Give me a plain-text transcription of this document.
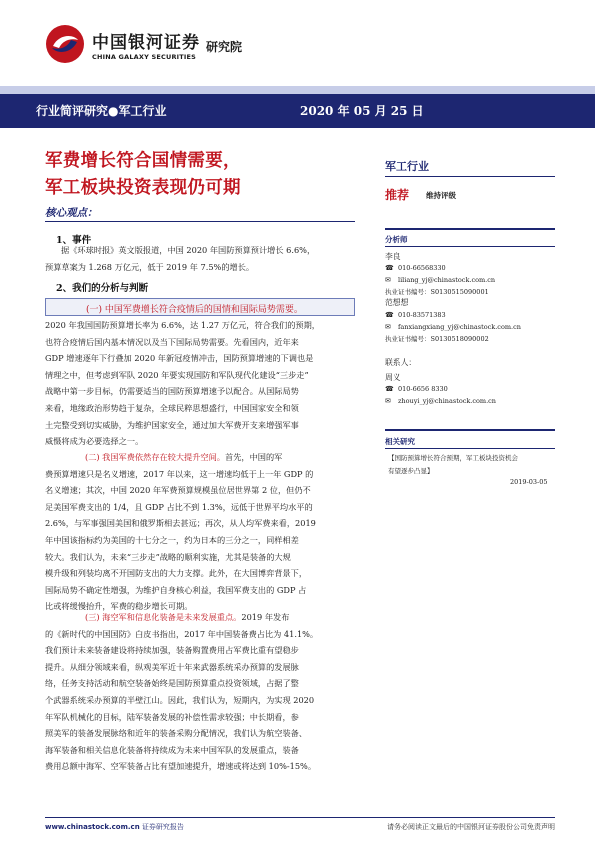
中国银河证券
CHINA GALAXY SECURITIES
研究院
行业简评研究●军工行业	2020 年 05 月 25 日
军费增长符合国情需要，
军工板块投资表现仍可期
核心观点：
1、事件

据《环球时报》英文版报道，中国 2020 年国防预算预计增长 6.6%，

预算草案为 1.268 万亿元，低于 2019 年 7.5%的增长。

2、我们的分析与判断
(一) 中国军费增长符合疫情后的国情和国际局势需要。

2020 年我国国防预算增长率为 6.6%，达 1.27 万亿元，符合我们的预期，

也符合疫情后国内基本情况以及当下国际局势需要。先看国内，近年来

GDP 增速逐年下行叠加 2020 年新冠疫情冲击，国防预算增速的下调也是

情理之中，但考虑到军队 2020 年要实现国防和军队现代化建设“三步走”

战略中第一步目标，仍需要适当的国防预算增速予以配合。从国际局势

来看，地缘政治形势趋于复杂，全球民粹思想盛行，中国国家安全和领

土完整受到切实威胁，为维护国家安全，通过加大军费开支来增强军事

威慑将成为必要选择之一。

(二) 我国军费依然存在较大提升空间。首先，中国的军

费预算增速只是名义增速，2017 年以来，这一增速均低于上一年 GDP 的

名义增速；其次，中国 2020 年军费预算规模虽位居世界第 2 位，但仍不

足美国军费支出的 1/4，且 GDP 占比不到 1.3%，远低于世界平均水平的

2.6%，与军事强国美国和俄罗斯相去甚远；再次，从人均军费来看，2019

年中国该指标约为美国的十七分之一，约为日本的三分之一，同样相差

较大。我们认为，未来“三步走”战略的顺利实施，尤其是装备的大规

模升级和列装均离不开国防支出的大力支撑。此外，在大国博弈背景下，

国际局势不确定性增强，为维护自身核心利益，我国军费支出的 GDP 占

比或将缓慢抬升，军费的稳步增长可期。

(三) 海空军和信息化装备是未来发展重点。2019 年发布

的《新时代的中国国防》白皮书指出，2017 年中国装备费占比为 41.1%。

我们预计未来装备建设将持续加强，装备购置费用占军费比重有望稳步

提升。从细分领域来看，纵观美军近十年来武器系统采办预算的发展脉

络，任务支持活动和航空装备始终是国防预算重点投资领域，占据了整

个武器系统采办预算的半壁江山。因此，我们认为，短期内，为实现 2020

年军队机械化的目标，陆军装备发展的补偿性需求较强；中长期看，参

照美军的装备发展脉络和近年的装备采购分配情况，我们认为航空装备、

海军装备和相关信息化装备将持续成为未来中国军队的发展重点，装备

费用总额中海军、空军装备占比有望加速提升，增速或将达到 10%-15%。

军工行业
推荐 维持评级
分析师
李良
☎ 010-66568330
✉ liliang_yj@chinastock.com.cn
执业证书编号：S0130515090001
范想想
☎ 010-83571383
✉ fanxiangxiang_yj@chinastock.com.cn
执业证书编号：S0130518090002
联系人：
周义
☎ 010-6656 8330
✉ zhouyi_yj@chinastock.com.cn
相关研究
【国防预算增长符合预期，军工板块投资机会
有望逐步凸显】
2019-03-05
www.chinastock.com.cn 证券研究报告	请务必阅读正文最后的中国银河证券股份公司免责声明
